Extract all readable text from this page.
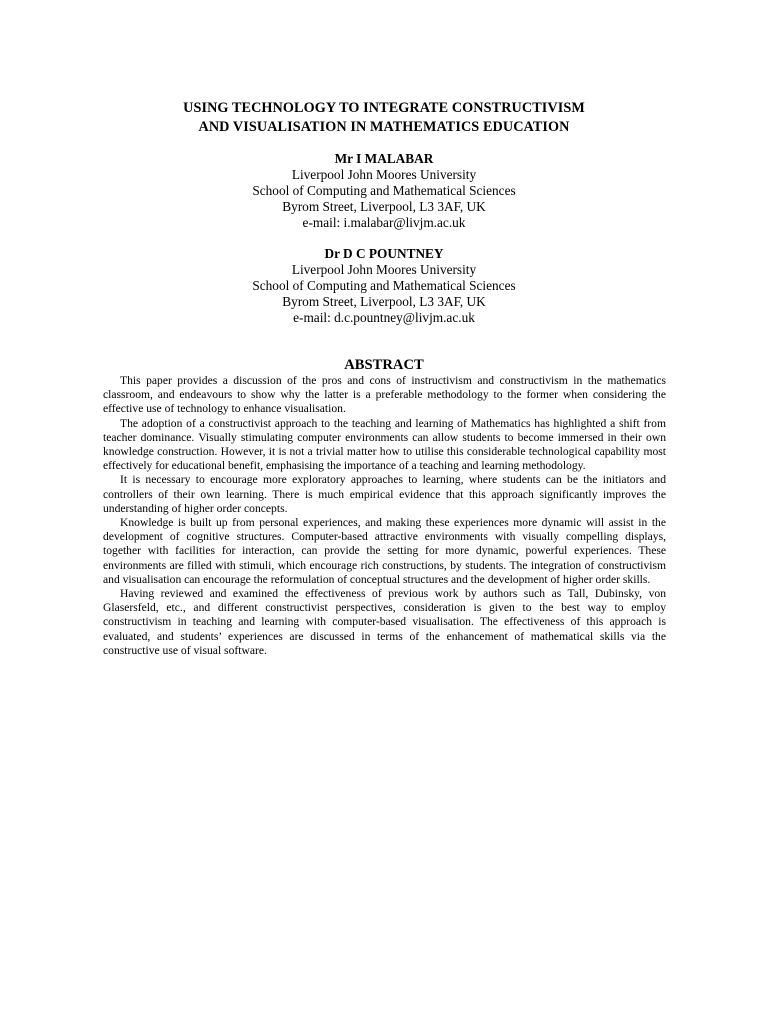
USING TECHNOLOGY TO INTEGRATE CONSTRUCTIVISM
AND VISUALISATION IN MATHEMATICS EDUCATION
Mr I MALABAR
Liverpool John Moores University
School of Computing and Mathematical Sciences
Byrom Street, Liverpool, L3 3AF, UK
e-mail: i.malabar@livjm.ac.uk
Dr D C POUNTNEY
Liverpool John Moores University
School of Computing and Mathematical Sciences
Byrom Street, Liverpool, L3 3AF, UK
e-mail: d.c.pountney@livjm.ac.uk
ABSTRACT

This paper provides a discussion of the pros and cons of instructivism and constructivism in the mathematics classroom, and endeavours to show why the latter is a preferable methodology to the former when considering the effective use of technology to enhance visualisation.

The adoption of a constructivist approach to the teaching and learning of Mathematics has highlighted a shift from teacher dominance. Visually stimulating computer environments can allow students to become immersed in their own knowledge construction. However, it is not a trivial matter how to utilise this considerable technological capability most effectively for educational benefit, emphasising the importance of a teaching and learning methodology.

It is necessary to encourage more exploratory approaches to learning, where students can be the initiators and controllers of their own learning. There is much empirical evidence that this approach significantly improves the understanding of higher order concepts.

Knowledge is built up from personal experiences, and making these experiences more dynamic will assist in the development of cognitive structures. Computer-based attractive environments with visually compelling displays, together with facilities for interaction, can provide the setting for more dynamic, powerful experiences. These environments are filled with stimuli, which encourage rich constructions, by students. The integration of constructivism and visualisation can encourage the reformulation of conceptual structures and the development of higher order skills.

Having reviewed and examined the effectiveness of previous work by authors such as Tall, Dubinsky, von Glasersfeld, etc., and different constructivist perspectives, consideration is given to the best way to employ constructivism in teaching and learning with computer-based visualisation. The effectiveness of this approach is evaluated, and students’ experiences are discussed in terms of the enhancement of mathematical skills via the constructive use of visual software.
